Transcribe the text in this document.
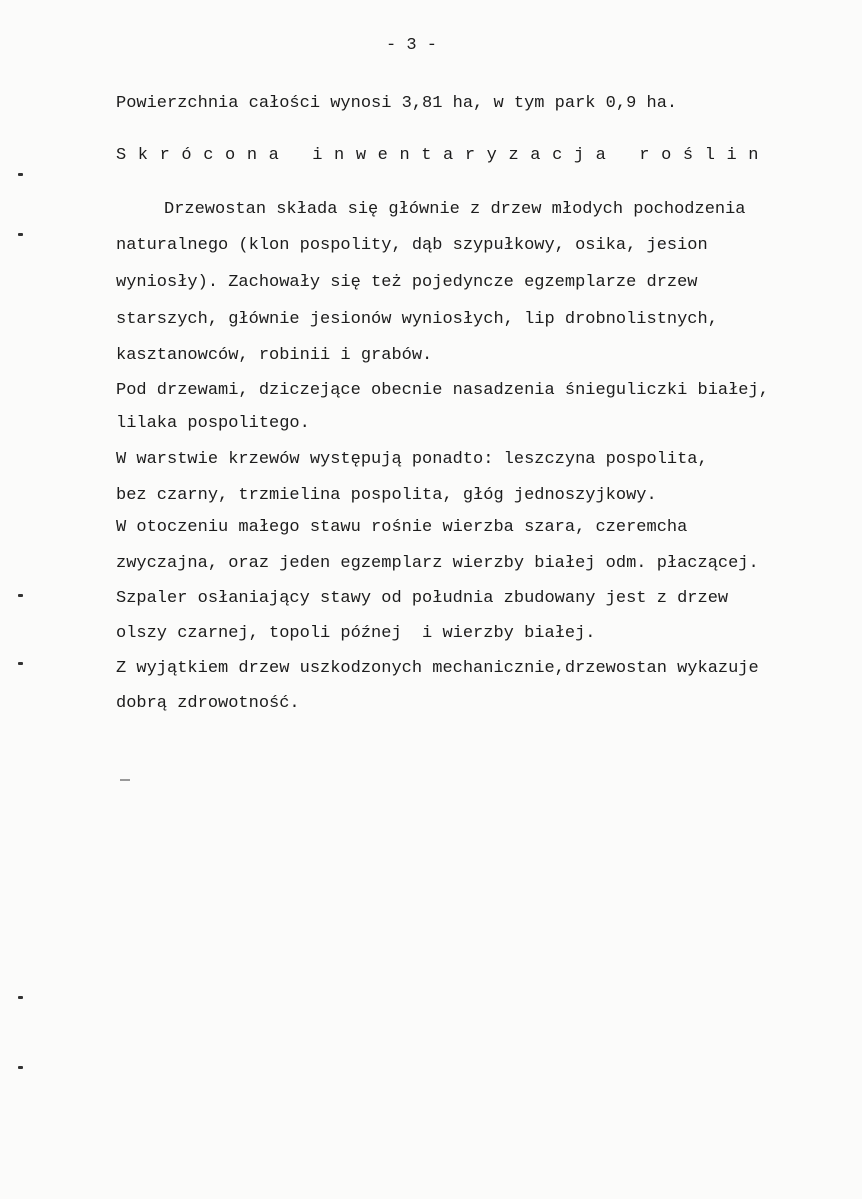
- 3 -
Powierzchnia całości wynosi 3,81 ha, w tym park 0,9 ha.
S k r ó c o n a   i n w e n t a r y z a c j a   r o ś l i n
Drzewostan składa się głównie z drzew młodych pochodzenia
naturalnego (klon pospolity, dąb szypułkowy, osika, jesion
wyniosły). Zachowały się też pojedyncze egzemplarze drzew
starszych, głównie jesionów wyniosłych, lip drobnolistnych,
kasztanowców, robinii i grabów.
Pod drzewami, dziczejące obecnie nasadzenia śnieguliczki białej,
lilaka pospolitego.
W warstwie krzewów występują ponadto: leszczyna pospolita,
bez czarny, trzmielina pospolita, głóg jednoszyjkowy.
W otoczeniu małego stawu rośnie wierzba szara, czeremcha
zwyczajna, oraz jeden egzemplarz wierzby białej odm. płaczącej.
Szpaler osłaniający stawy od południa zbudowany jest z drzew
olszy czarnej, topoli późnej  i wierzby białej.
Z wyjątkiem drzew uszkodzonych mechanicznie,drzewostan wykazuje
dobrą zdrowotność.
